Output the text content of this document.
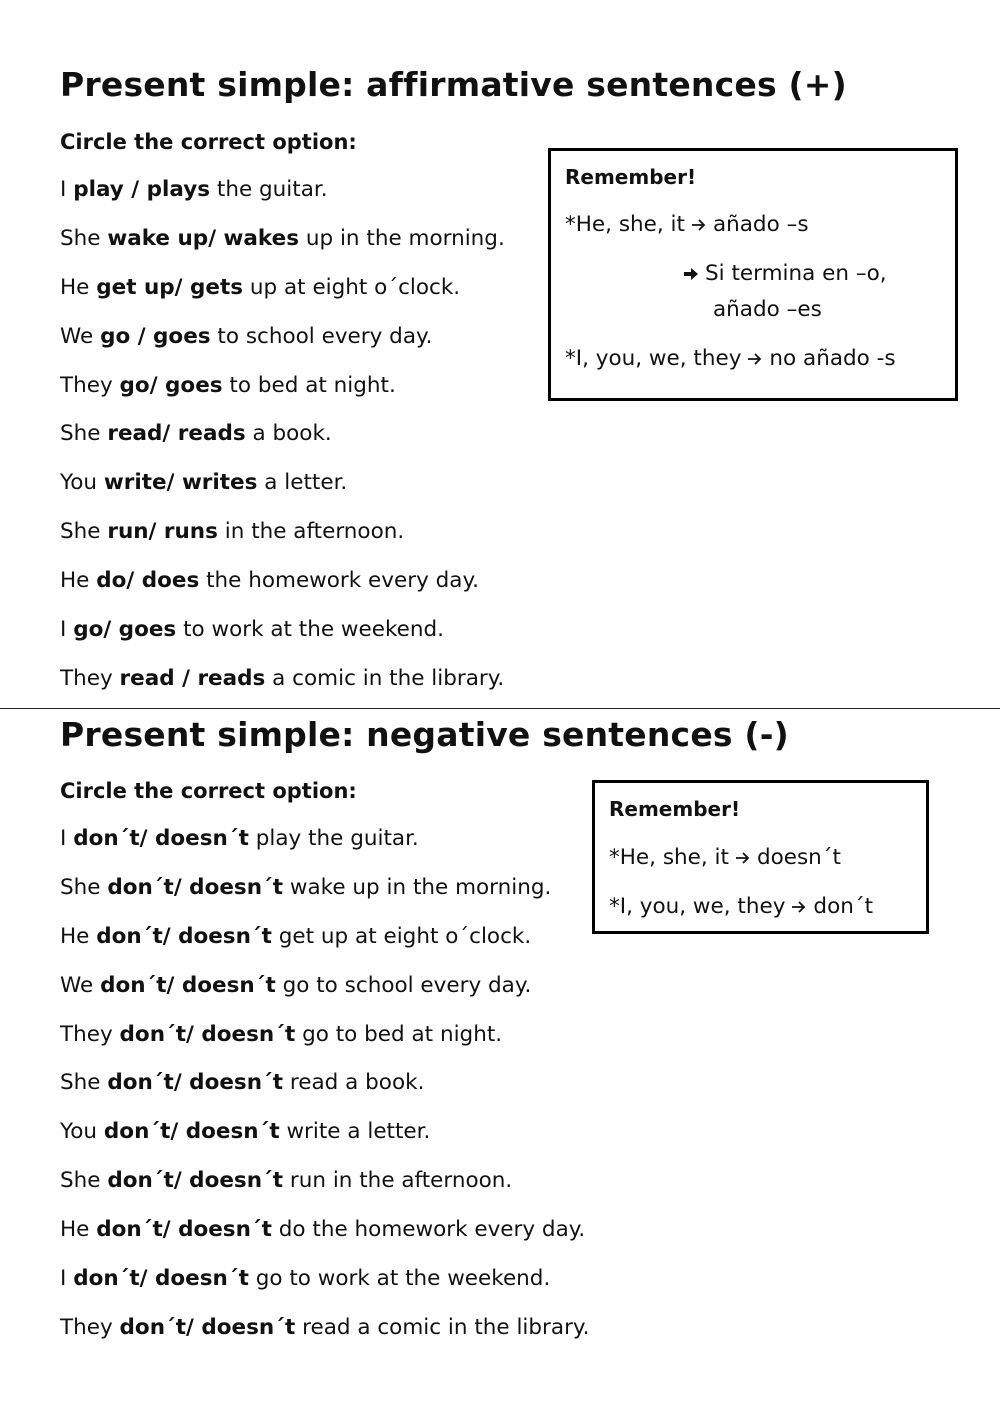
Present simple: affirmative sentences (+)
Circle the correct option:
I play / plays the guitar.
She wake up/ wakes up in the morning.
He get up/ gets up at eight o´clock.
We go / goes to school every day.
They go/ goes to bed at night.
She read/ reads a book.
You write/ writes a letter.
She run/ runs in the afternoon.
He do/ does the homework every day.
I go/ goes to work at the weekend.
They read / reads a comic in the library.
Remember!
*He, she, it añado –s
Si termina en –o,
añado –es
*I, you, we, they no añado -s
Present simple: negative sentences (-)
Circle the correct option:
I don´t/ doesn´t play the guitar.
She don´t/ doesn´t wake up in the morning.
He don´t/ doesn´t get up at eight o´clock.
We don´t/ doesn´t go to school every day.
They don´t/ doesn´t go to bed at night.
She don´t/ doesn´t read a book.
You don´t/ doesn´t write a letter.
She don´t/ doesn´t run in the afternoon.
He don´t/ doesn´t do the homework every day.
I don´t/ doesn´t go to work at the weekend.
They don´t/ doesn´t read a comic in the library.
Remember!
*He, she, it doesn´t
*I, you, we, they don´t
